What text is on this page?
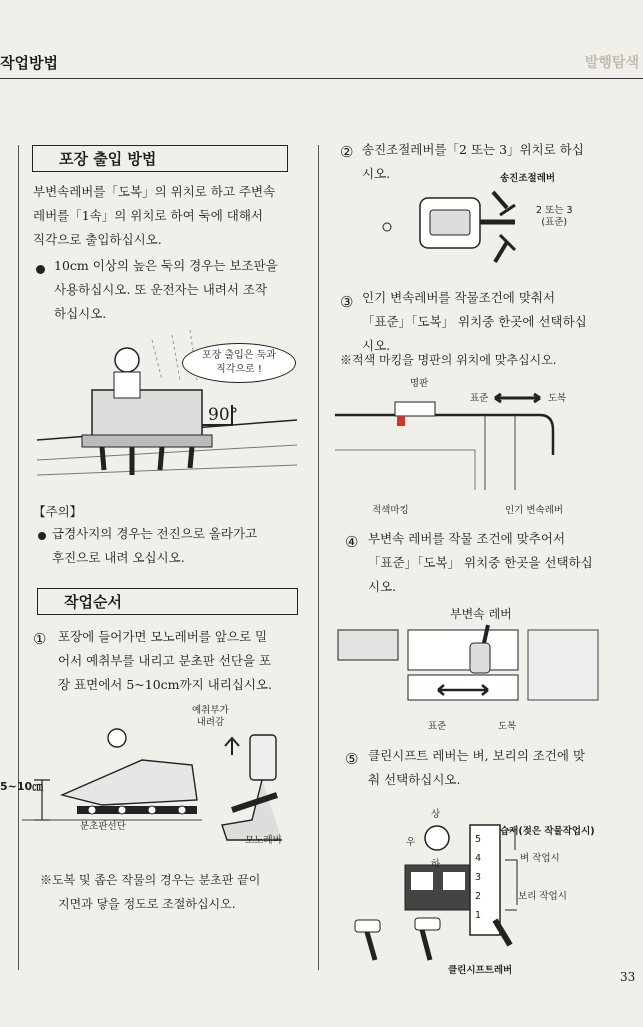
작업방법	발행탐색
포장 출입 방법
부변속레버를「도복」의 위치로 하고 주변속
레버를「1속」의 위치로 하여 둑에 대해서
직각으로 출입하십시오.
10cm 이상의 높은 둑의 경우는 보조판을
사용하십시오. 또 운전자는 내려서 조작
하십시오.
포장 출입은 둑과
직각으로 !
90°
【주의】
급경사지의 경우는 전진으로 올라가고
후진으로 내려 오십시오.
작업순서
① 포장에 들어가면 모노레버를 앞으로 밀
어서 예취부를 내리고 분초판 선단을 포
장 표면에서 5~10cm까지 내리십시오.
예취부가
내려감
5~10㎝
분초판선단
모노레버
※도복 및 좁은 작물의 경우는 분초판 끝이
지면과 닿을 정도로 조절하십시오.
② 송진조절레버를「2 또는 3」위치로 하십
시오.	송진조절레버
2 또는 3
(표준)
③ 인기 변속레버를 작물조건에 맞춰서
「표준」「도복」 위치중 한곳에 선택하십
시오.
※적색 마킹을 명판의 위치에 맞추십시오.
명판
표준	도복
적색마킹	인기 변속레버
④ 부변속 레버를 작물 조건에 맞추어서
「표준」「도복」 위치중 한곳을 선택하십
시오.
부변속 레버
표준	도복
⑤ 클린시프트 레버는 벼, 보리의 조건에 맞
춰 선택하십시오.
상
우
하
습재(젖은 작물작업시)
벼 작업시
보리 작업시
클린시프트레버
5
4
3
2
1
33
